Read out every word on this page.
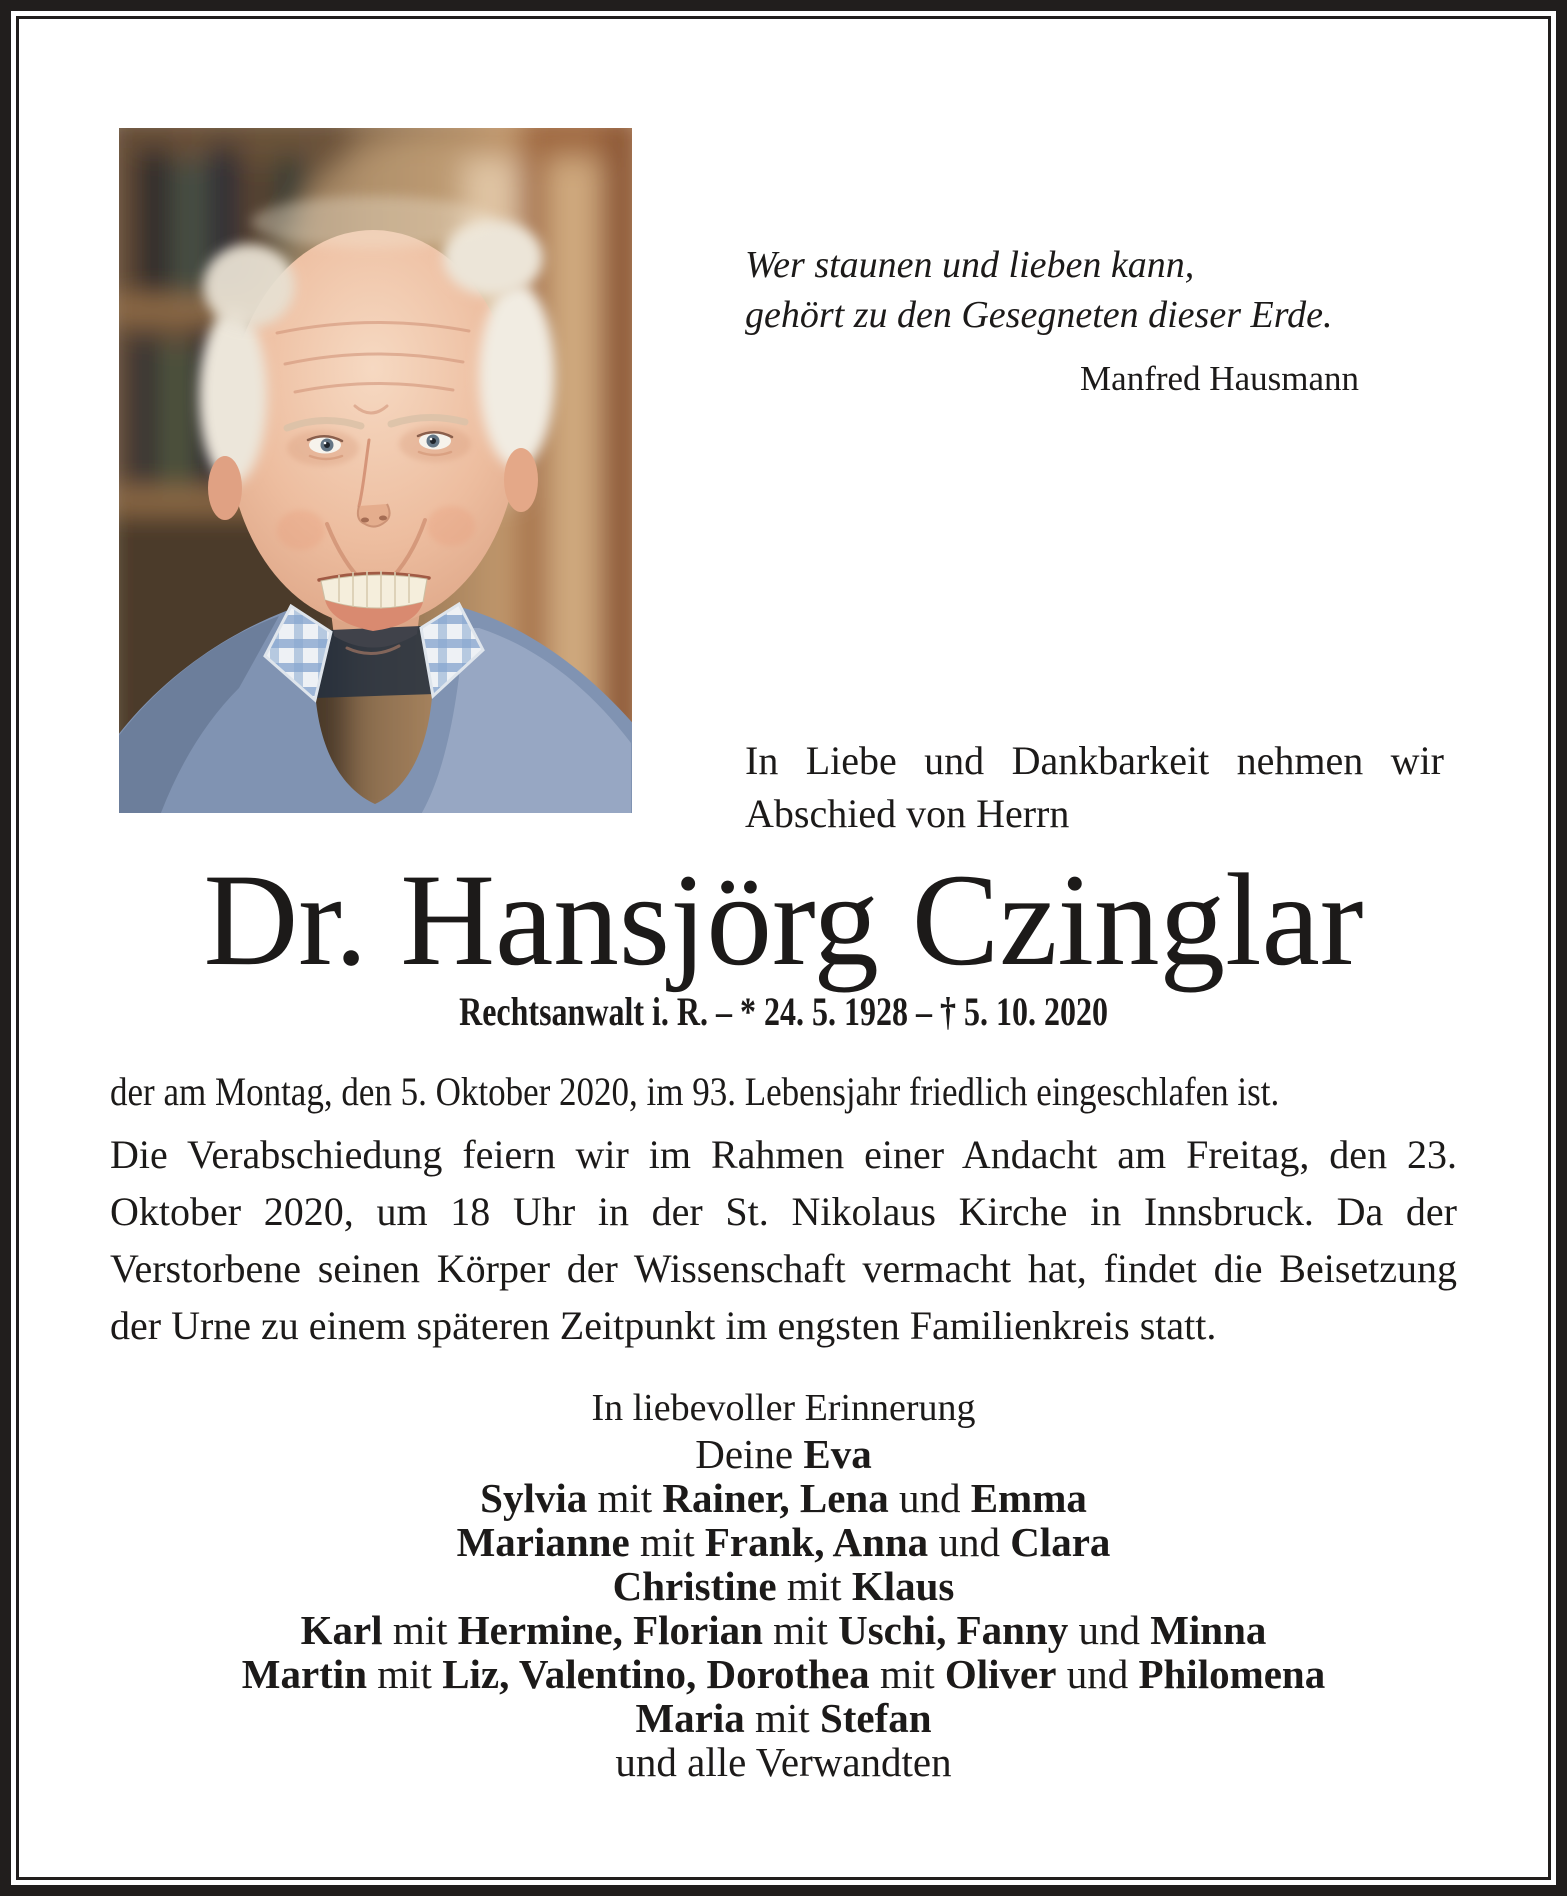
Wer staunen und lieben kann,
gehört zu den Gesegneten dieser Erde.
Manfred Hausmann
In Liebe und Dankbarkeit nehmen wir
Abschied von Herrn
Dr. Hansjörg Czinglar
Rechtsanwalt i. R. – * 24. 5. 1928 – † 5. 10. 2020
der am Montag, den 5. Oktober 2020, im 93. Lebensjahr friedlich eingeschlafen ist.
Die Verabschiedung feiern wir im Rahmen einer Andacht am Freitag, den 23. Oktober 2020, um 18 Uhr in der St. Nikolaus Kirche in Innsbruck. Da der Verstorbene seinen Körper der Wissenschaft vermacht hat, findet die Beisetzung der Urne zu einem späteren Zeitpunkt im engsten Familienkreis statt.
In liebevoller Erinnerung
Deine Eva
Sylvia mit Rainer, Lena und Emma
Marianne mit Frank, Anna und Clara
Christine mit Klaus
Karl mit Hermine, Florian mit Uschi, Fanny und Minna
Martin mit Liz, Valentino, Dorothea mit Oliver und Philomena
Maria mit Stefan
und alle Verwandten
